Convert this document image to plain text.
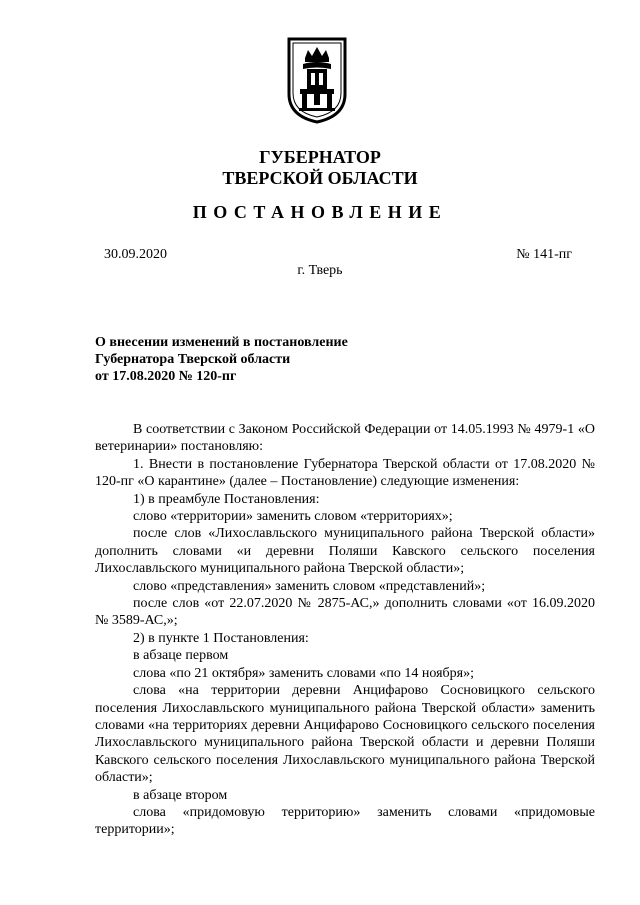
ГУБЕРНАТОР
ТВЕРСКОЙ ОБЛАСТИ
ПОСТАНОВЛЕНИЕ
30.09.2020	№ 141-пг
г. Тверь
О внесении изменений в постановление
Губернатора Тверской области
от 17.08.2020 № 120-пг

В соответствии с Законом Российской Федерации от 14.05.1993 № 4979-1 «О ветеринарии» постановляю:

1. Внести в постановление Губернатора Тверской области от 17.08.2020 № 120-пг «О карантине» (далее – Постановление) следующие изменения:

1) в преамбуле Постановления:

слово «территории» заменить словом «территориях»;

после слов «Лихославльского муниципального района Тверской области» дополнить словами «и деревни Поляши Кавского сельского поселения Лихославльского муниципального района Тверской области»;

слово «представления» заменить словом «представлений»;

после слов «от 22.07.2020 № 2875-АС,» дополнить словами «от 16.09.2020 № 3589-АС,»;

2) в пункте 1 Постановления:

в абзаце первом

слова «по 21 октября» заменить словами «по 14 ноября»;

слова «на территории деревни Анцифарово Сосновицкого сельского поселения Лихославльского муниципального района Тверской области» заменить словами «на территориях деревни Анцифарово Сосновицкого сельского поселения Лихославльского муниципального района Тверской области и деревни Поляши Кавского сельского поселения Лихославльского муниципального района Тверской области»;

в абзаце втором

слова «придомовую территорию» заменить словами «придомовые территории»;
